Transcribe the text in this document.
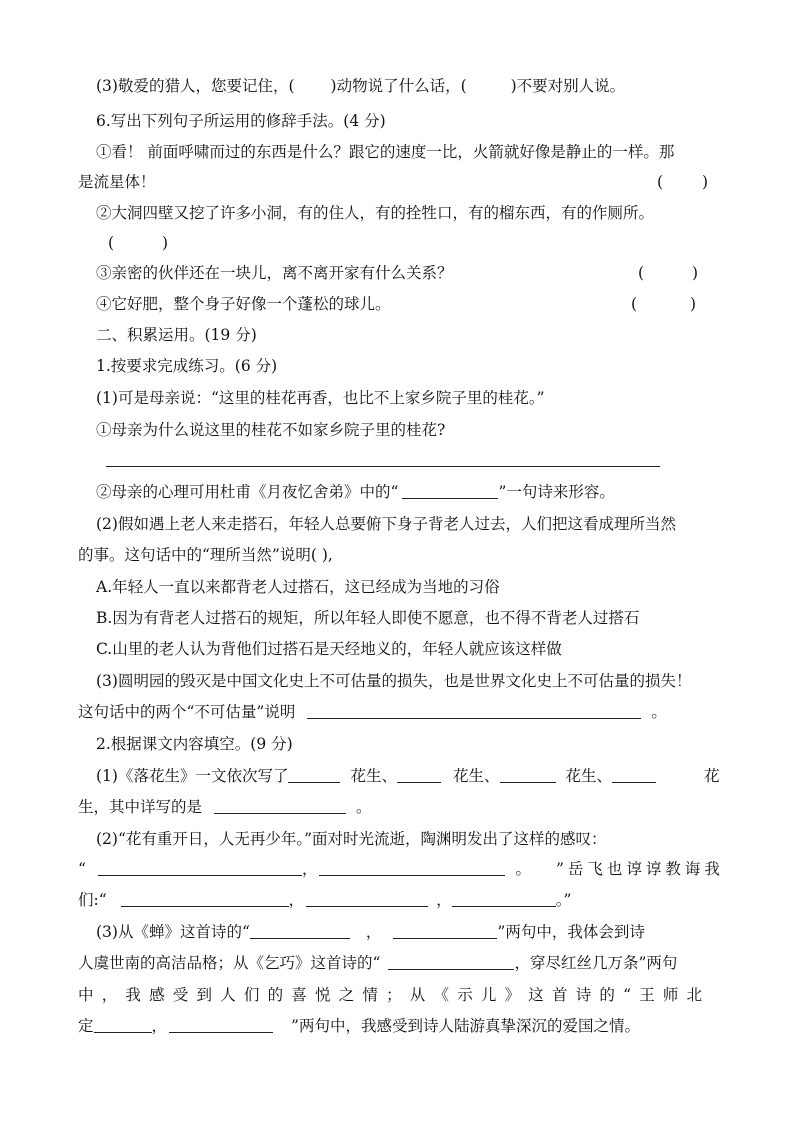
(3)敬爱的猎人，您要记住，( )动物说了什么话，(	)不要对别人说。
6.写出下列句子所运用的修辞手法。(4 分)
①看！ 前面呼啸而过的东西是什么？跟它的速度一比，火箭就好像是静止的一样。那
是流星体！	(	)
②大洞四壁又挖了许多小洞，有的住人，有的拴牲口，有的榴东西，有的作厕所。
(	)
③亲密的伙伴还在一块儿，离不离开家有什么关系？	(	)
④它好肥，整个身子好像一个蓬松的球儿。	(	)
二、积累运用。(19 分)
1.按要求完成练习。(6 分)
(1)可是母亲说：“这里的桂花再香，也比不上家乡院子里的桂花。”
①母亲为什么说这里的桂花不如家乡院子里的桂花?
②母亲的心理可用杜甫《月夜忆舍弟》中的“	”一句诗来形容。
(2)假如遇上老人来走搭石，年轻人总要俯下身子背老人过去，人们把这看成理所当然
的事。这句话中的“理所当然”说明( ),
A.年轻人一直以来都背老人过搭石，这已经成为当地的习俗
B.因为有背老人过搭石的规矩，所以年轻人即使不愿意，也不得不背老人过搭石
C.山里的老人认为背他们过搭石是天经地义的，年轻人就应该这样做
(3)圆明园的毁灭是中国文化史上不可估量的损失，也是世界文化史上不可估量的损失！
这句话中的两个“不可估量”说明	。
2.根据课文内容填空。(9 分)
(1)《落花生》一文依次写了	花生、	花生、	花生、	花
生，其中详写的是	。
(2)“花有重开日，人无再少年。”面对时光流逝，陶渊明发出了这样的感叹：
“	，	。 ”岳飞也谆谆教诲我
们:“	，	，	。”
(3)从《蝉》这首诗的“	，	”两句中，我体会到诗
人虞世南的高洁品格；从《乞巧》这首诗的“	，穿尽红丝几万条”两句
中，我感受到人们的喜悦之情；从《示儿》这首诗的“王师北
定	，	”两句中，我感受到诗人陆游真挚深沉的爱国之情。
